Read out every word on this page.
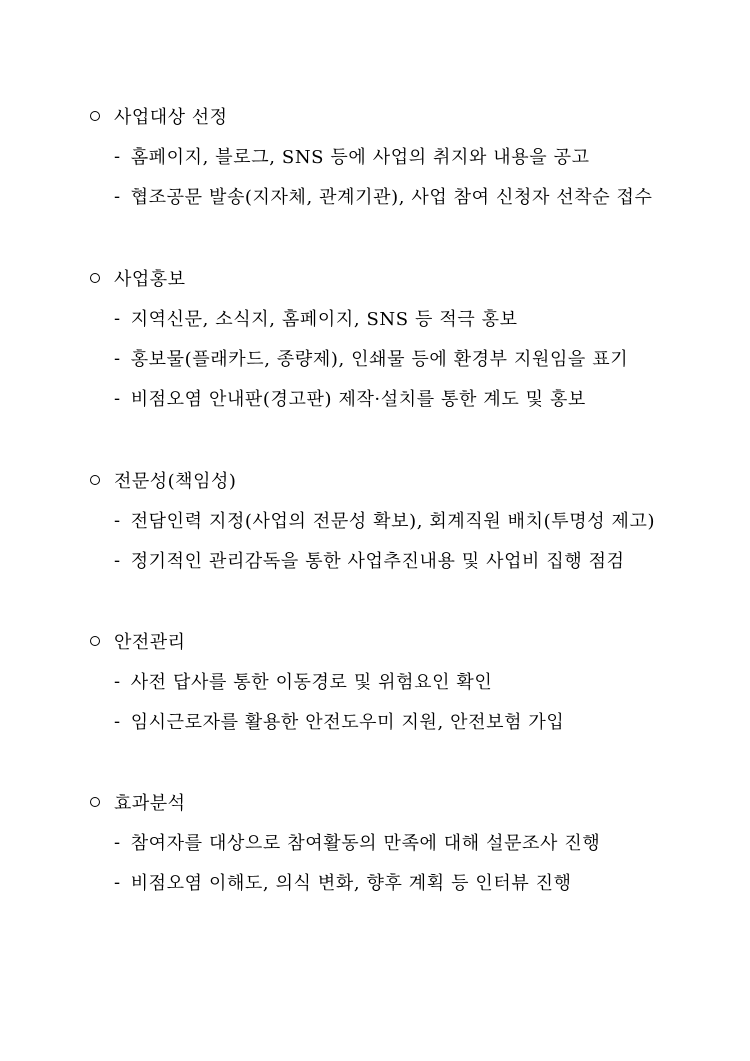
사업대상 선정
- 홈페이지, 블로그, SNS 등에 사업의 취지와 내용을 공고
- 협조공문 발송(지자체, 관계기관), 사업 참여 신청자 선착순 접수
사업홍보
- 지역신문, 소식지, 홈페이지, SNS 등 적극 홍보
- 홍보물(플래카드, 종량제), 인쇄물 등에 환경부 지원임을 표기
- 비점오염 안내판(경고판) 제작·설치를 통한 계도 및 홍보
전문성(책임성)
- 전담인력 지정(사업의 전문성 확보), 회계직원 배치(투명성 제고)
- 정기적인 관리감독을 통한 사업추진내용 및 사업비 집행 점검
안전관리
- 사전 답사를 통한 이동경로 및 위험요인 확인
- 임시근로자를 활용한 안전도우미 지원, 안전보험 가입
효과분석
- 참여자를 대상으로 참여활동의 만족에 대해 설문조사 진행
- 비점오염 이해도, 의식 변화, 향후 계획 등 인터뷰 진행
